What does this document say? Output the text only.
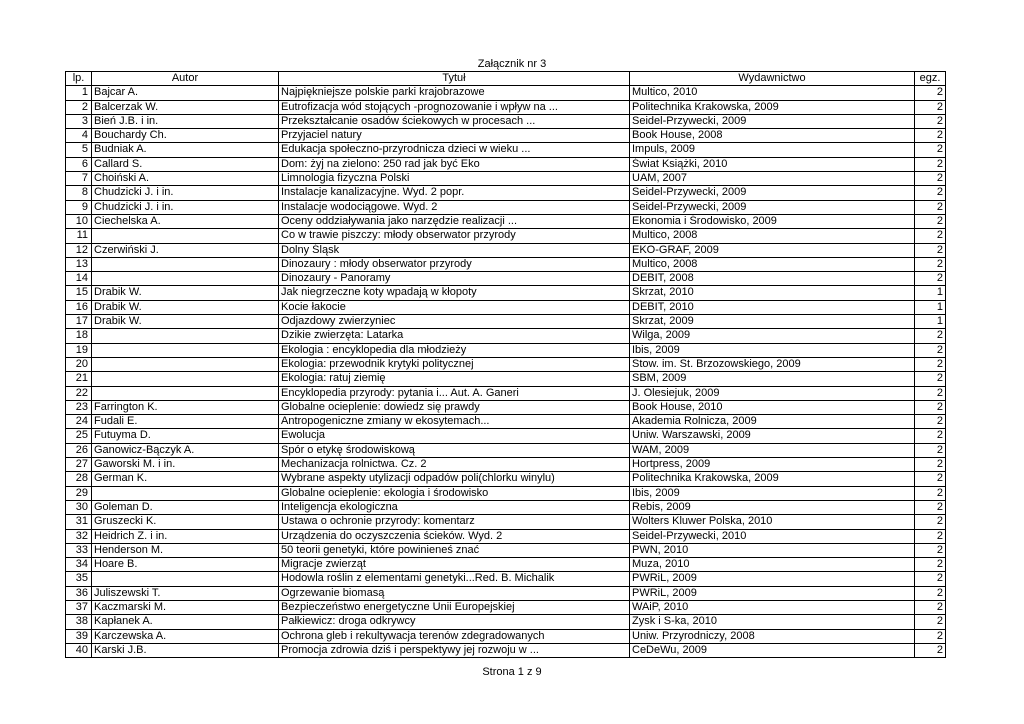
Załącznik nr 3
lp.	Autor	Tytuł	Wydawnictwo	egz.
1	Bajcar A.	Najpiękniejsze polskie parki krajobrazowe	Multico, 2010	2
2	Balcerzak W.	Eutrofizacja wód stojących -prognozowanie i wpływ na ...	Politechnika Krakowska, 2009	2
3	Bień J.B. i in.	Przekształcanie osadów ściekowych w procesach ...	Seidel-Przywecki, 2009	2
4	Bouchardy Ch.	Przyjaciel natury	Book House, 2008	2
5	Budniak A.	Edukacja społeczno-przyrodnicza dzieci w wieku ...	Impuls, 2009	2
6	Callard S.	Dom: żyj na zielono: 250 rad jak być Eko	Świat Książki, 2010	2
7	Choiński A.	Limnologia fizyczna Polski	UAM, 2007	2
8	Chudzicki J. i in.	Instalacje kanalizacyjne. Wyd. 2 popr.	Seidel-Przywecki, 2009	2
9	Chudzicki J. i in.	Instalacje wodociągowe. Wyd. 2	Seidel-Przywecki, 2009	2
10	Ciechelska A.	Oceny oddziaływania jako narzędzie realizacji ...	Ekonomia i Środowisko, 2009	2
11		Co w trawie piszczy: młody obserwator przyrody	Multico, 2008	2
12	Czerwiński J.	Dolny Śląsk	EKO-GRAF, 2009	2
13		Dinozaury : młody obserwator przyrody	Multico, 2008	2
14		Dinozaury - Panoramy	DEBIT, 2008	2
15	Drabik W.	Jak niegrzeczne koty wpadają w kłopoty	Skrzat, 2010	1
16	Drabik W.	Kocie łakocie	DEBIT, 2010	1
17	Drabik W.	Odjazdowy zwierzyniec	Skrzat, 2009	1
18		Dzikie zwierzęta: Latarka	Wilga, 2009	2
19		Ekologia : encyklopedia dla młodzieży	Ibis, 2009	2
20		Ekologia: przewodnik krytyki politycznej	Stow. im. St. Brzozowskiego, 2009	2
21		Ekologia: ratuj ziemię	SBM, 2009	2
22		Encyklopedia przyrody: pytania i... Aut. A. Ganeri	J. Olesiejuk, 2009	2
23	Farrington K.	Globalne ocieplenie: dowiedz się prawdy	Book House, 2010	2
24	Fudali E.	Antropogeniczne zmiany w ekosytemach...	Akademia Rolnicza, 2009	2
25	Futuyma D.	Ewolucja	Uniw. Warszawski, 2009	2
26	Ganowicz-Bączyk A.	Spór o etykę środowiskową	WAM, 2009	2
27	Gaworski M. i in.	Mechanizacja rolnictwa. Cz. 2	Hortpress, 2009	2
28	German K.	Wybrane aspekty utylizacji odpadów poli(chlorku winylu)	Politechnika Krakowska, 2009	2
29		Globalne ocieplenie: ekologia i środowisko	Ibis, 2009	2
30	Goleman D.	Inteligencja ekologiczna	Rebis, 2009	2
31	Gruszecki K.	Ustawa o ochronie przyrody: komentarz	Wolters Kluwer Polska, 2010	2
32	Heidrich Z. i in.	Urządzenia do oczyszczenia ścieków. Wyd. 2	Seidel-Przywecki, 2010	2
33	Henderson M.	50 teorii genetyki, które powinieneś znać	PWN, 2010	2
34	Hoare B.	Migracje zwierząt	Muza, 2010	2
35		Hodowla roślin z elementami genetyki...Red. B. Michalik	PWRiL, 2009	2
36	Juliszewski T.	Ogrzewanie biomasą	PWRiL, 2009	2
37	Kaczmarski M.	Bezpieczeństwo energetyczne Unii Europejskiej	WAiP, 2010	2
38	Kapłanek A.	Pałkiewicz: droga odkrywcy	Zysk i S-ka, 2010	2
39	Karczewska A.	Ochrona gleb i rekultywacja terenów zdegradowanych	Uniw. Przyrodniczy, 2008	2
40	Karski J.B.	Promocja zdrowia dziś i perspektywy jej rozwoju w ...	CeDeWu, 2009	2
Strona 1 z 9
